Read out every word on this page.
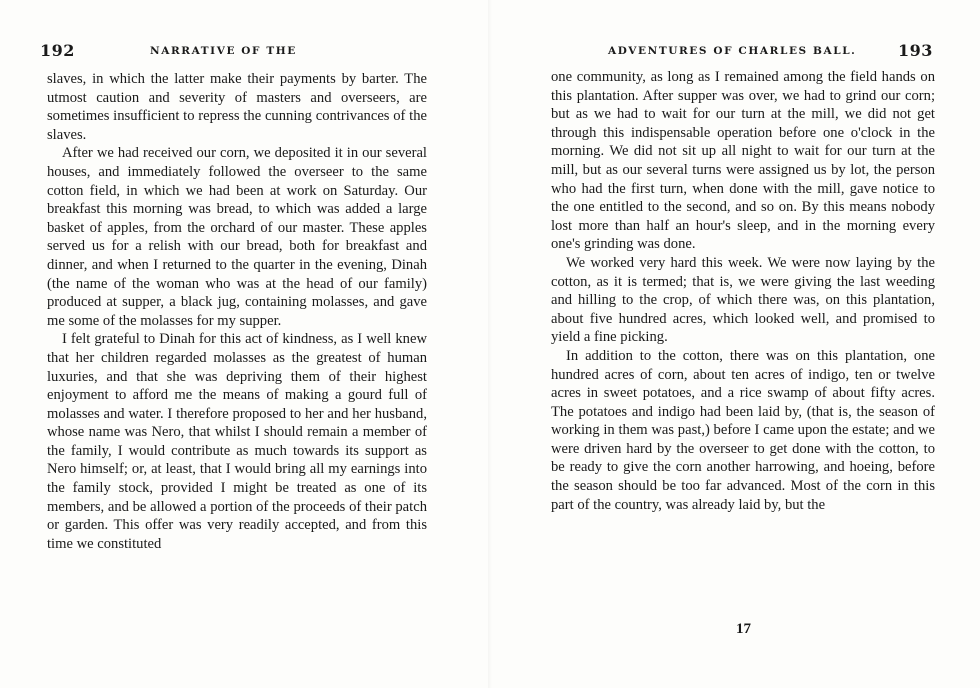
192	NARRATIVE OF THE

slaves, in which the latter make their payments by barter. The utmost caution and severity of masters and overseers, are sometimes insufficient to repress the cunning contrivances of the slaves.

After we had received our corn, we deposited it in our several houses, and immediately followed the overseer to the same cotton field, in which we had been at work on Saturday. Our breakfast this morning was bread, to which was added a large basket of apples, from the orchard of our master. These apples served us for a relish with our bread, both for breakfast and dinner, and when I returned to the quarter in the evening, Dinah (the name of the woman who was at the head of our family) produced at supper, a black jug, containing molasses, and gave me some of the molasses for my supper.

I felt grateful to Dinah for this act of kindness, as I well knew that her children regarded molasses as the greatest of human luxuries, and that she was depriving them of their highest enjoyment to afford me the means of making a gourd full of molasses and water. I therefore proposed to her and her husband, whose name was Nero, that whilst I should remain a member of the family, I would contribute as much towards its support as Nero himself; or, at least, that I would bring all my earnings into the family stock, provided I might be treated as one of its members, and be allowed a portion of the proceeds of their patch or garden. This offer was very readily accepted, and from this time we constituted

ADVENTURES OF CHARLES BALL.	193

one community, as long as I remained among the field hands on this plantation. After supper was over, we had to grind our corn; but as we had to wait for our turn at the mill, we did not get through this indispensable operation before one o'clock in the morning. We did not sit up all night to wait for our turn at the mill, but as our several turns were assigned us by lot, the person who had the first turn, when done with the mill, gave notice to the one entitled to the second, and so on. By this means nobody lost more than half an hour's sleep, and in the morning every one's grinding was done.

We worked very hard this week. We were now laying by the cotton, as it is termed; that is, we were giving the last weeding and hilling to the crop, of which there was, on this plantation, about five hundred acres, which looked well, and promised to yield a fine picking.

In addition to the cotton, there was on this plantation, one hundred acres of corn, about ten acres of indigo, ten or twelve acres in sweet potatoes, and a rice swamp of about fifty acres. The potatoes and indigo had been laid by, (that is, the season of working in them was past,) before I came upon the estate; and we were driven hard by the overseer to get done with the cotton, to be ready to give the corn another harrowing, and hoeing, before the season should be too far advanced. Most of the corn in this part of the country, was already laid by, but the

17
